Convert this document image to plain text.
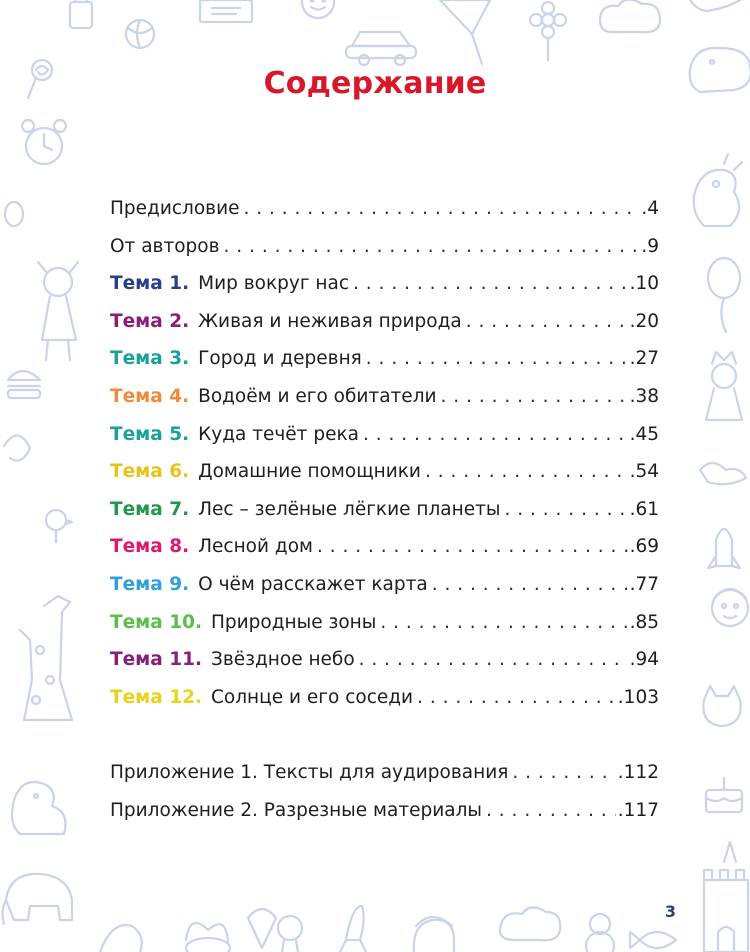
Содержание
Предисловие . . .	.4
От авторов . . .	.9
Тема 1. Мир вокруг нас . . .	.10
Тема 2. Живая и неживая природа . . .	.20
Тема 3. Город и деревня . . .	.27
Тема 4. Водоём и его обитатели . . .	.38
Тема 5. Куда течёт река . . .	.45
Тема 6. Домашние помощники . . .	.54
Тема 7. Лес – зелёные лёгкие планеты . . .	.61
Тема 8. Лесной дом . . .	.69
Тема 9. О чём расскажет карта . . .	.77
Тема 10. Природные зоны . . .	.85
Тема 11. Звёздное небо . . .	.94
Тема 12. Солнце и его соседи . . .	.103
Приложение 1. Тексты для аудирования . . .	.112
Приложение 2. Разрезные материалы . . .	.117
3
